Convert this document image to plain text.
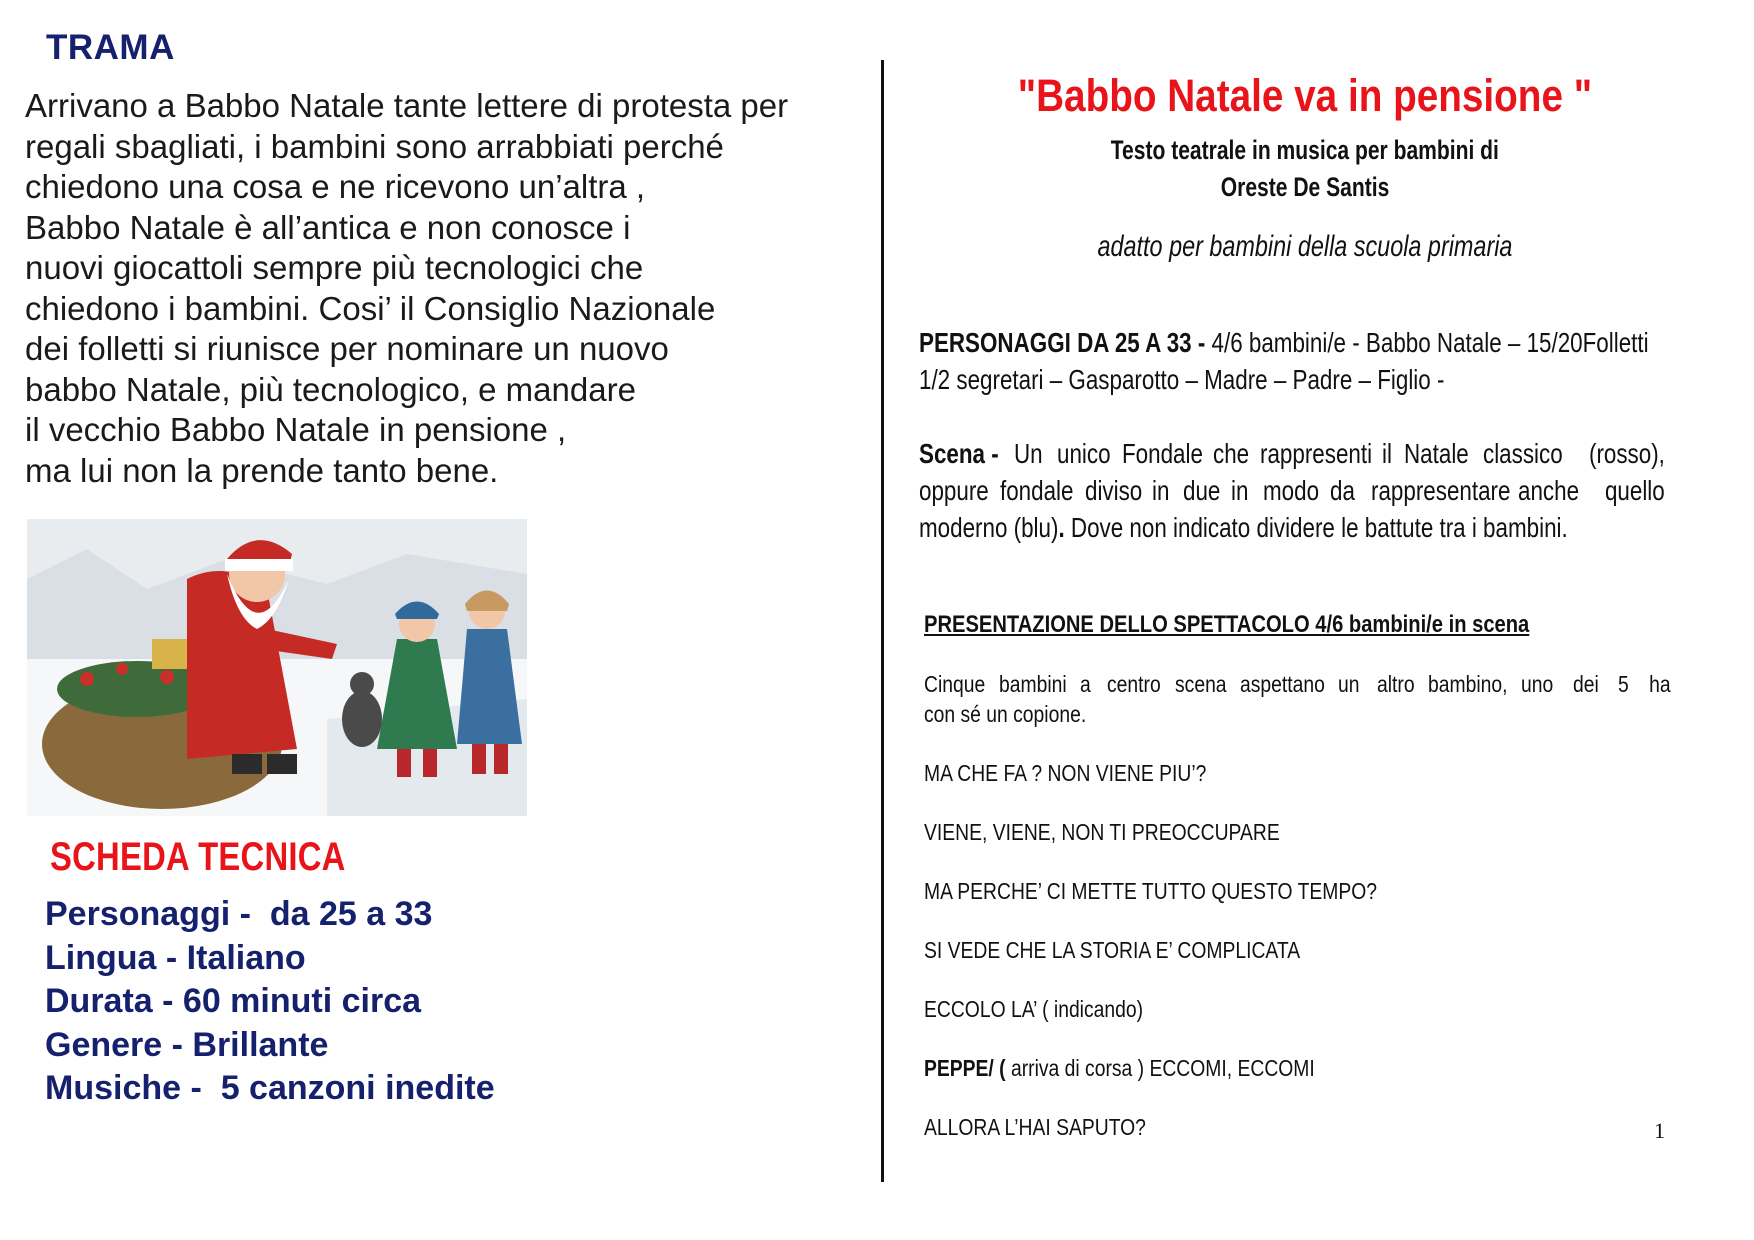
TRAMA
Arrivano a Babbo Natale tante lettere di protesta per
regali sbagliati, i bambini sono arrabbiati perché
chiedono una cosa e ne ricevono un’altra ,
Babbo Natale è all’antica e non conosce i
nuovi giocattoli sempre più tecnologici che
chiedono i bambini. Cosi’ il Consiglio Nazionale
dei folletti si riunisce per nominare un nuovo
babbo Natale, più tecnologico, e mandare
il vecchio Babbo Natale in pensione ,
ma lui non la prende tanto bene.
SCHEDA TECNICA
Personaggi -  da 25 a 33
Lingua - Italiano
Durata - 60 minuti circa
Genere - Brillante
Musiche -  5 canzoni inedite
"Babbo Natale va in pensione "
Testo teatrale in musica per bambini di
Oreste De Santis
adatto per bambini della scuola primaria
PERSONAGGI DA 25 A 33 - 4/6 bambini/e - Babbo Natale – 15/20Folletti
1/2 segretari – Gasparotto – Madre – Padre – Figlio -
Scena - Un unico Fondale che rappresenti il Natale classico (rosso),
oppure fondale diviso in due in modo da rappresentare anche quello
moderno (blu). Dove non indicato dividere le battute tra i bambini.
PRESENTAZIONE DELLO SPETTACOLO 4/6 bambini/e in scena
Cinque bambini a centro scena aspettano un altro bambino, uno dei 5 ha
con sé un copione.
MA CHE FA ? NON VIENE PIU’?
VIENE, VIENE, NON TI PREOCCUPARE
MA PERCHE’ CI METTE TUTTO QUESTO TEMPO?
SI VEDE CHE LA STORIA E’ COMPLICATA
ECCOLO LA’ ( indicando)
PEPPE/ ( arriva di corsa ) ECCOMI, ECCOMI
ALLORA L’HAI SAPUTO?	1
